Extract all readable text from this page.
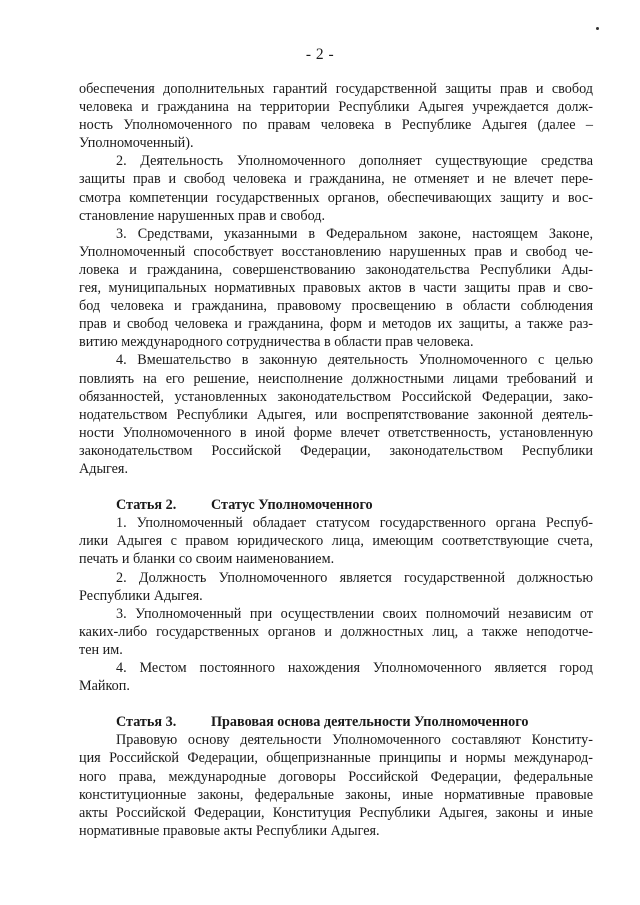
- 2 -
обеспечения дополнительных гарантий государственной защиты прав и свобод
человека и гражданина на территории Республики Адыгея учреждается долж-
ность Уполномоченного по правам человека в Республике Адыгея (далее –
Уполномоченный).
2. Деятельность Уполномоченного дополняет существующие средства
защиты прав и свобод человека и гражданина, не отменяет и не влечет пере-
смотра компетенции государственных органов, обеспечивающих защиту и вос-
становление нарушенных прав и свобод.
3. Средствами, указанными в Федеральном законе, настоящем Законе,
Уполномоченный способствует восстановлению нарушенных прав и свобод че-
ловека и гражданина, совершенствованию законодательства Республики Ады-
гея, муниципальных нормативных правовых актов в части защиты прав и сво-
бод человека и гражданина, правовому просвещению в области соблюдения
прав и свобод человека и гражданина, форм и методов их защиты, а также раз-
витию международного сотрудничества в области прав человека.
4. Вмешательство в законную деятельность Уполномоченного с целью
повлиять на его решение, неисполнение должностными лицами требований и
обязанностей, установленных законодательством Российской Федерации, зако-
нодательством Республики Адыгея, или воспрепятствование законной деятель-
ности Уполномоченного в иной форме влечет ответственность, установленную
законодательством Российской Федерации, законодательством Республики
Адыгея.
Статья 2.	Статус Уполномоченного
1. Уполномоченный обладает статусом государственного органа Респуб-
лики Адыгея с правом юридического лица, имеющим соответствующие счета,
печать и бланки со своим наименованием.
2. Должность Уполномоченного является государственной должностью
Республики Адыгея.
3. Уполномоченный при осуществлении своих полномочий независим от
каких-либо государственных органов и должностных лиц, а также неподотче-
тен им.
4. Местом постоянного нахождения Уполномоченного является город
Майкоп.
Статья 3.	Правовая основа деятельности Уполномоченного
Правовую основу деятельности Уполномоченного составляют Конститу-
ция Российской Федерации, общепризнанные принципы и нормы международ-
ного права, международные договоры Российской Федерации, федеральные
конституционные законы, федеральные законы, иные нормативные правовые
акты Российской Федерации, Конституция Республики Адыгея, законы и иные
нормативные правовые акты Республики Адыгея.
